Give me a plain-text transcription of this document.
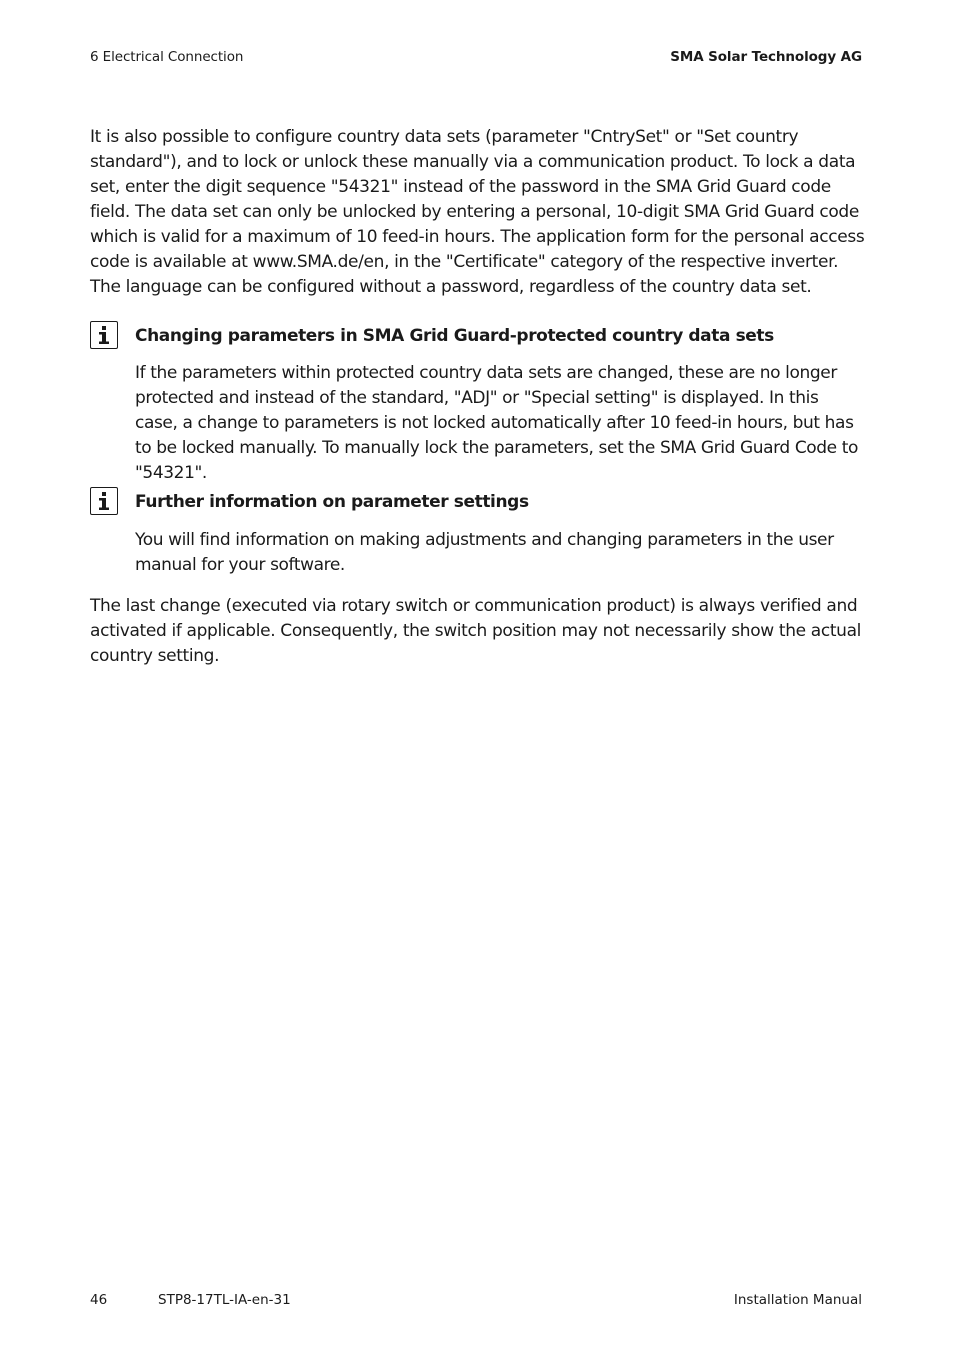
6 Electrical Connection	SMA Solar Technology AG

It is also possible to configure country data sets (parameter "CntrySet" or "Set country standard"), and to lock or unlock these manually via a communication product. To lock a data set, enter the digit sequence "54321" instead of the password in the SMA Grid Guard code field. The data set can only be unlocked by entering a personal, 10-digit SMA Grid Guard code which is valid for a maximum of 10 feed-in hours. The application form for the personal access code is available at www.SMA.de/en, in the "Certificate" category of the respective inverter. The language can be configured without a password, regardless of the country data set.

Changing parameters in SMA Grid Guard-protected country data sets

If the parameters within protected country data sets are changed, these are no longer protected and instead of the standard, "ADJ" or "Special setting" is displayed. In this case, a change to parameters is not locked automatically after 10 feed-in hours, but has to be locked manually. To manually lock the parameters, set the SMA Grid Guard Code to "54321".

Further information on parameter settings

You will find information on making adjustments and changing parameters in the user manual for your software.

The last change (executed via rotary switch or communication product) is always verified and activated if applicable. Consequently, the switch position may not necessarily show the actual country setting.

46	STP8-17TL-IA-en-31	Installation Manual
